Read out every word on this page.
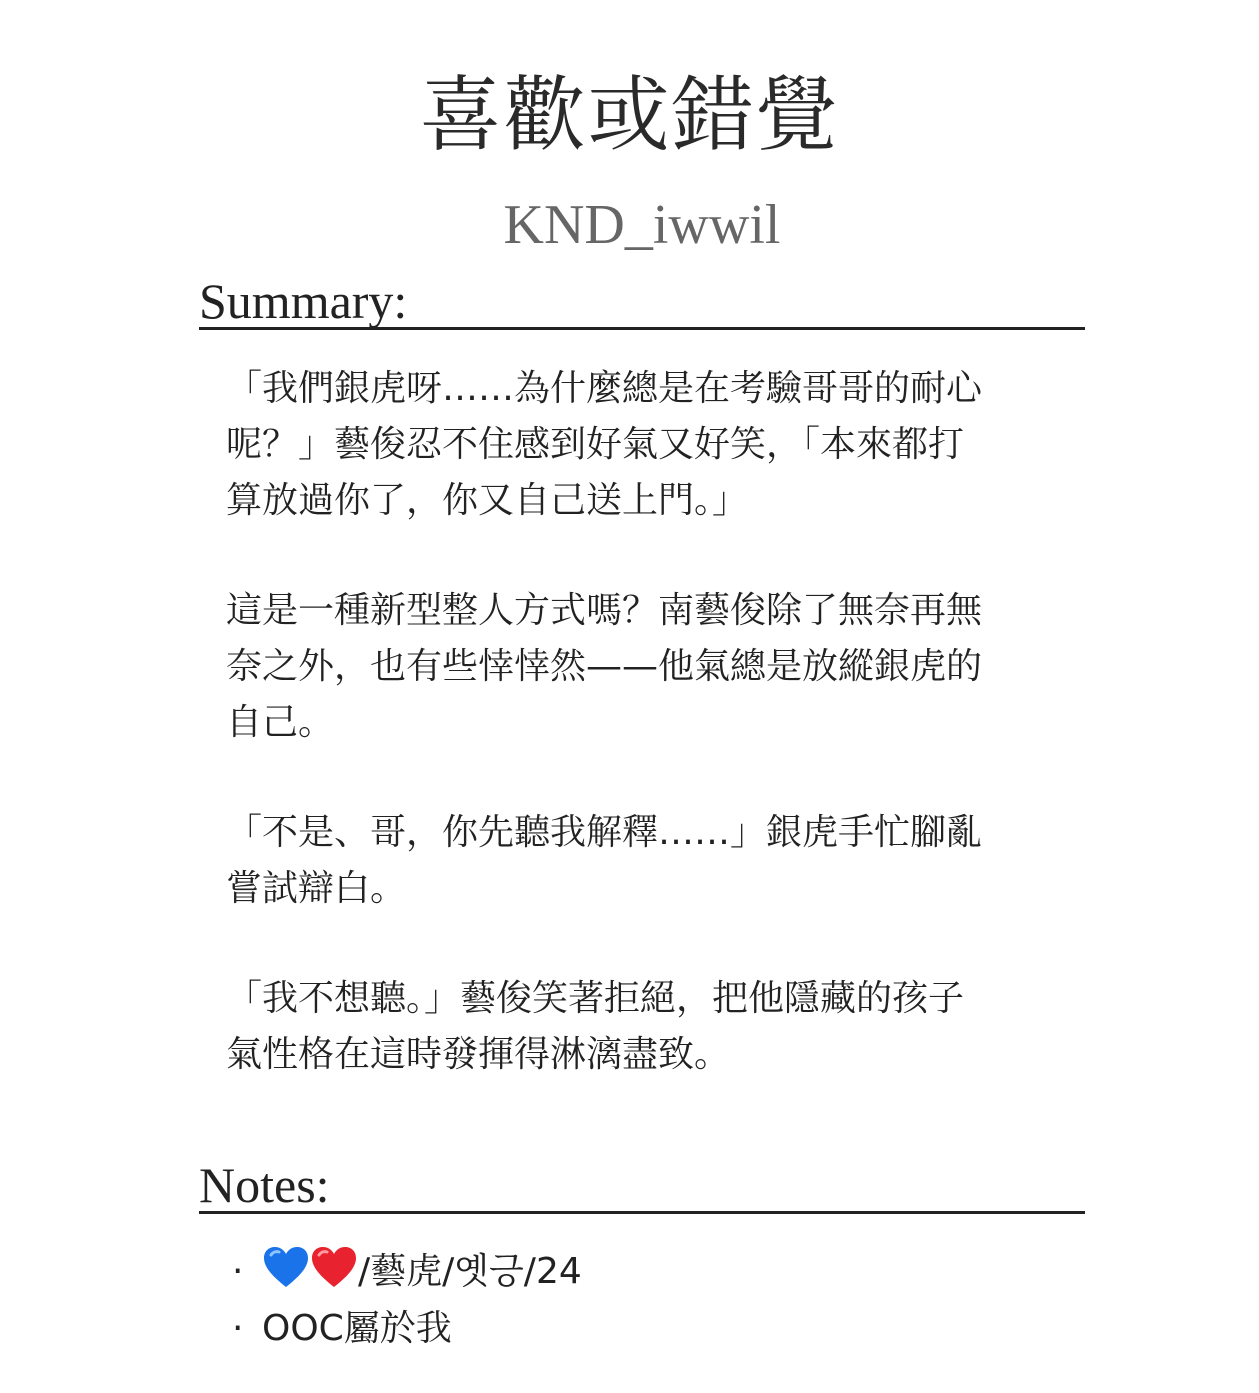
喜歡或錯覺
KND_iwwil
Summary:

「我們銀虎呀……為什麼總是在考驗哥哥的耐心
呢？」藝俊忍不住感到好氣又好笑，「本來都打
算放過你了，你又自己送上門。」

這是一種新型整人方式嗎？南藝俊除了無奈再無
奈之外，也有些悻悻然——他氣總是放縱銀虎的
自己。

「不是、哥，你先聽我解釋……」銀虎手忙腳亂
嘗試辯白。

「我不想聽。」藝俊笑著拒絕，把他隱藏的孩子
氣性格在這時發揮得淋漓盡致。

Notes:
·	/藝虎/옛긍/24
· OOC屬於我
